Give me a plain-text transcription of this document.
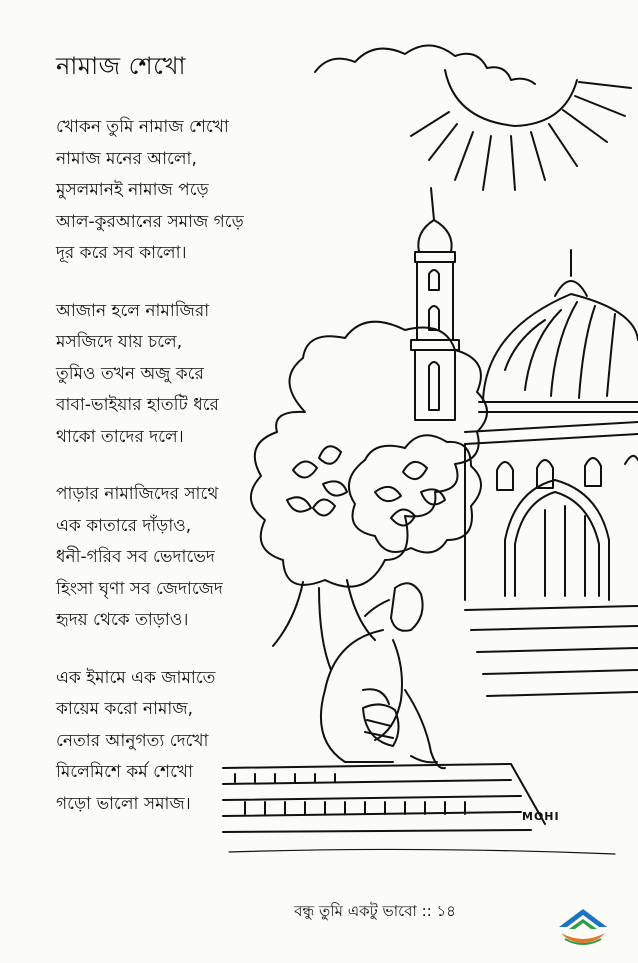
নামাজ শেখো
খোকন তুমি নামাজ শেখো
নামাজ মনের আলো,
মুসলমানই নামাজ পড়ে
আল-কুরআনের সমাজ গড়ে
দূর করে সব কালো।
আজান হলে নামাজিরা
মসজিদে যায় চলে,
তুমিও তখন অজু করে
বাবা-ভাইয়ার হাতটি ধরে
থাকো তাদের দলে।
পাড়ার নামাজিদের সাথে
এক কাতারে দাঁড়াও,
ধনী-গরিব সব ভেদাভেদ
হিংসা ঘৃণা সব জেদাজেদ
হৃদয় থেকে তাড়াও।
এক ইমামে এক জামাতে
কায়েম করো নামাজ,
নেতার আনুগত্য দেখো
মিলেমিশে কর্ম শেখো
গড়ো ভালো সমাজ।
MOHI
বন্ধু তুমি একটু ভাবো :: ১৪
